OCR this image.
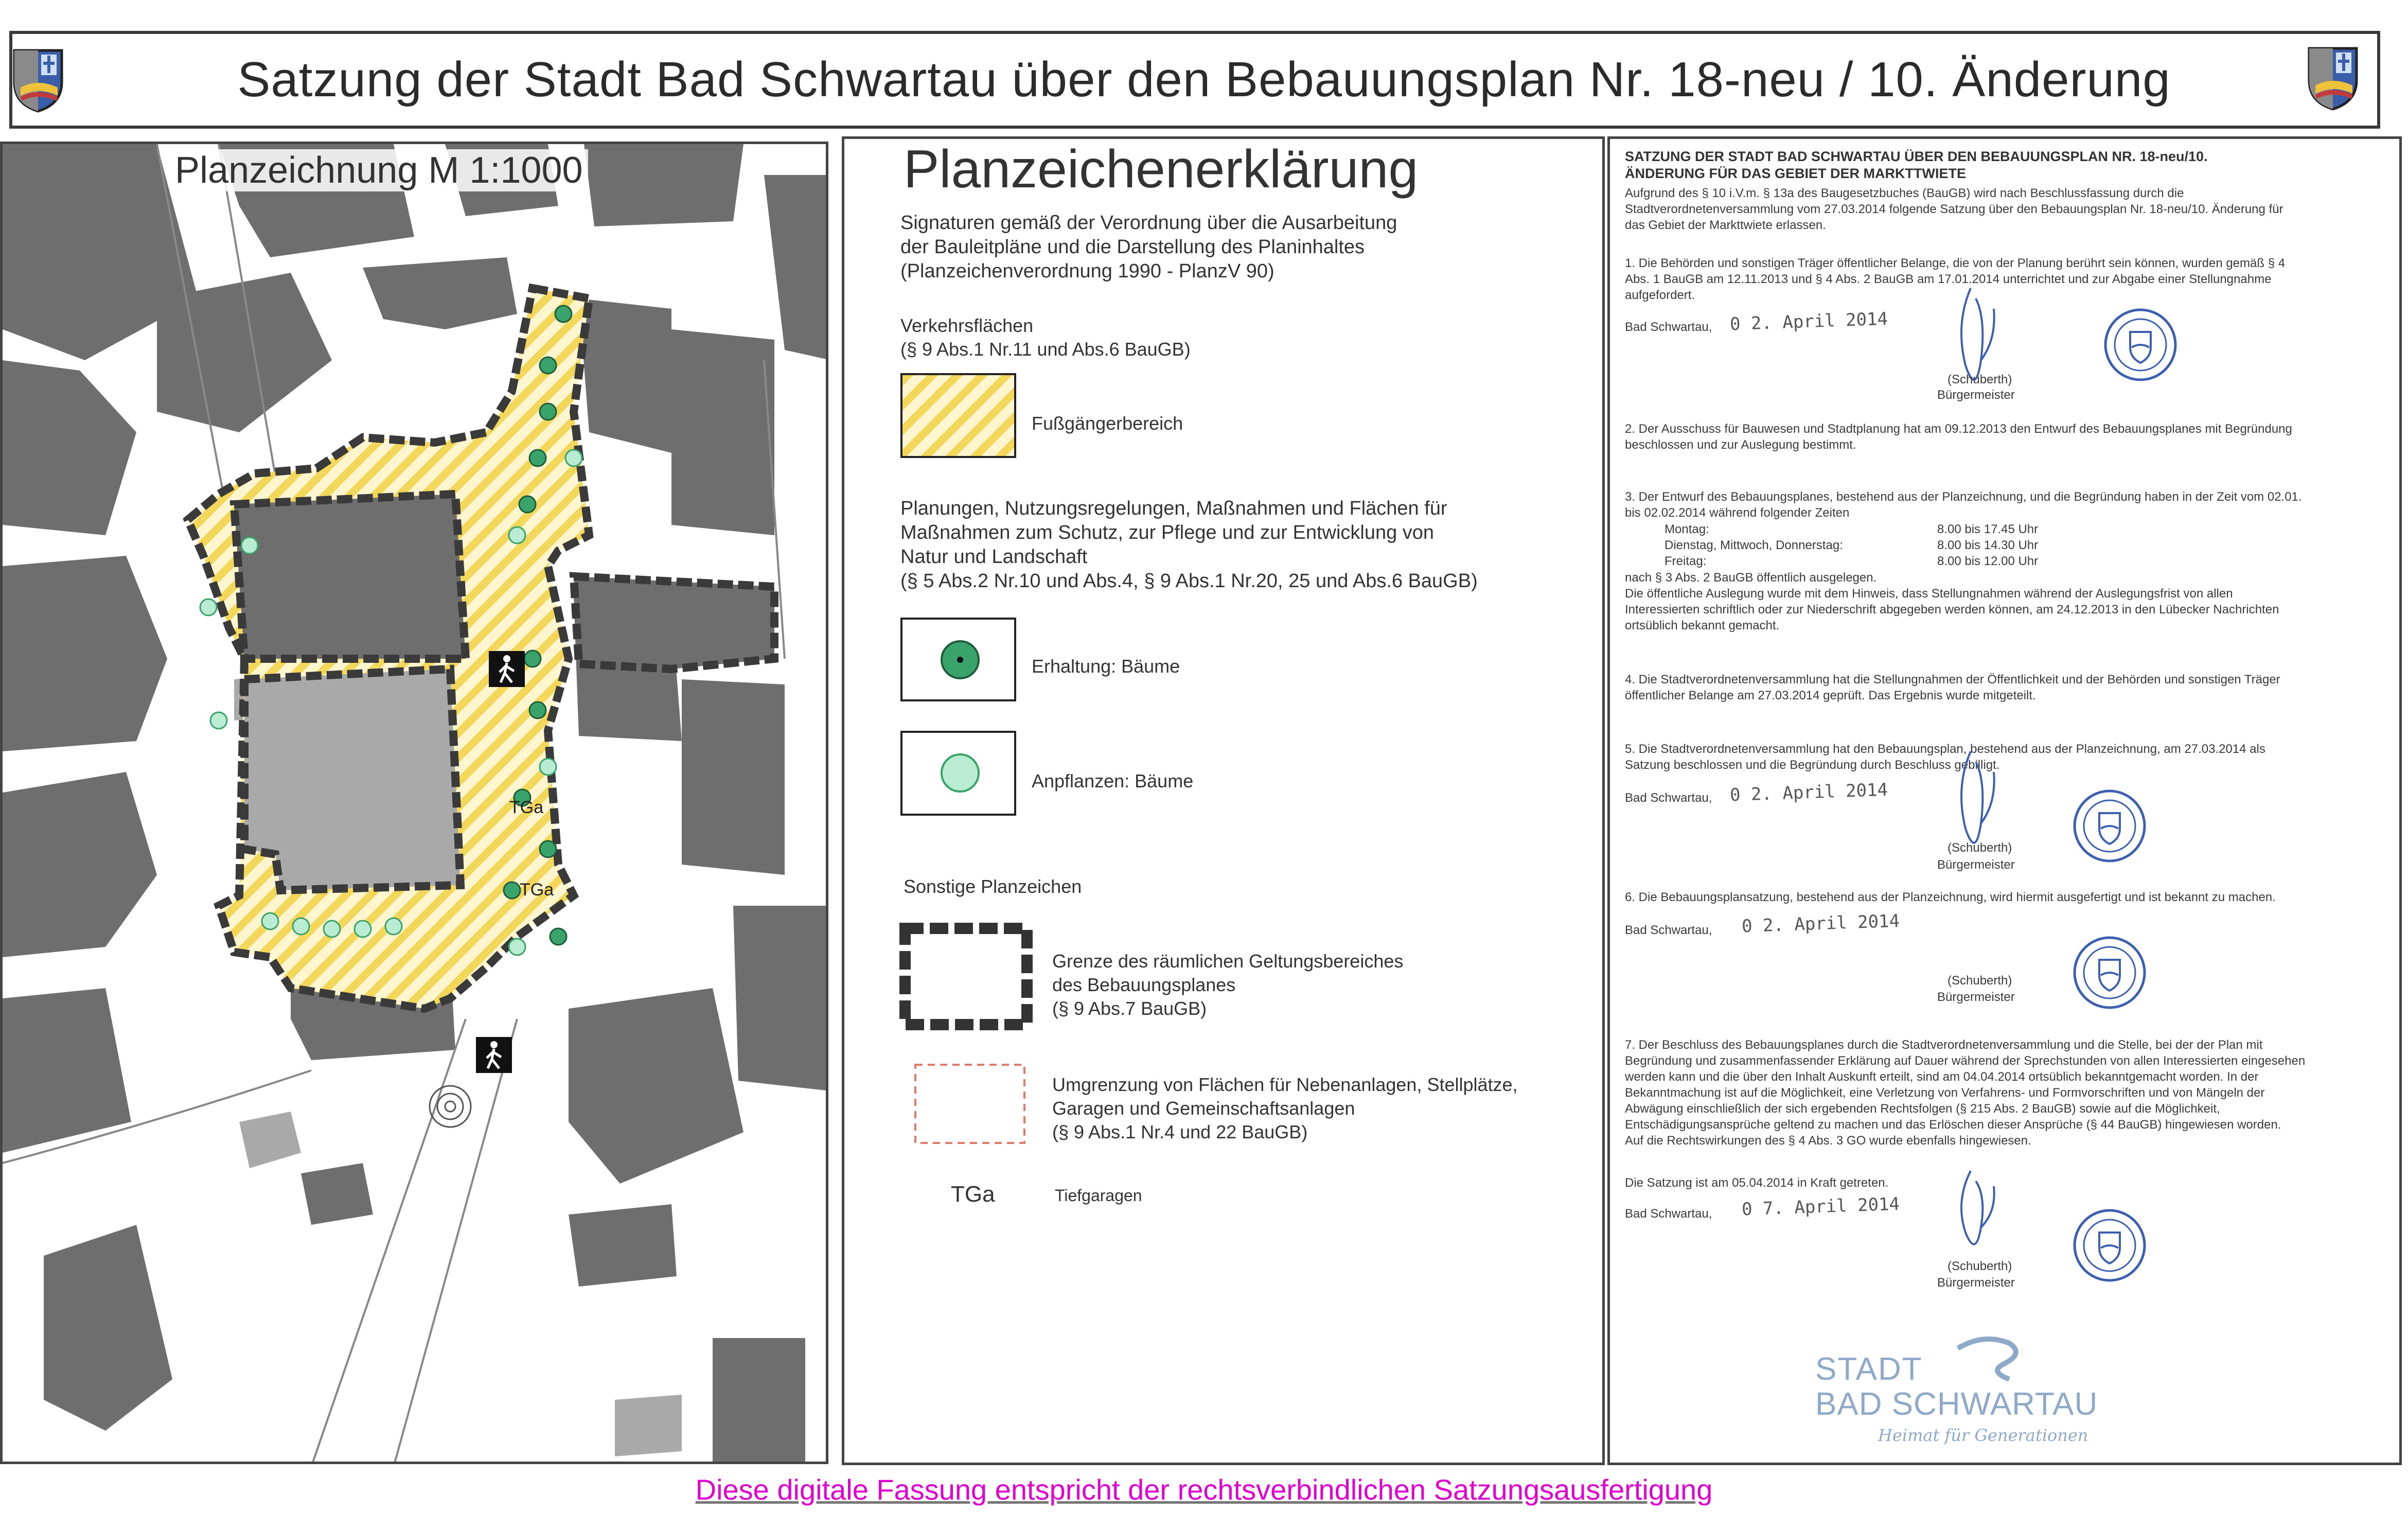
Satzung der Stadt Bad Schwartau über den Bebauungsplan Nr. 18-neu / 10. Änderung
TGa
TGa
Planzeichnung M 1:1000	Planzeichenerklärung
Signaturen gemäß der Verordnung über die Ausarbeitung
der Bauleitpläne und die Darstellung des Planinhaltes
(Planzeichenverordnung 1990 - PlanzV 90)
Verkehrsflächen
(§ 9 Abs.1 Nr.11 und Abs.6 BauGB)
Fußgängerbereich
Planungen, Nutzungsregelungen, Maßnahmen und Flächen für
Maßnahmen zum Schutz, zur Pflege und zur Entwicklung von
Natur und Landschaft
(§ 5 Abs.2 Nr.10 und Abs.4, § 9 Abs.1 Nr.20, 25 und Abs.6 BauGB)
Erhaltung: Bäume
Anpflanzen: Bäume
Sonstige Planzeichen
Grenze des räumlichen Geltungsbereiches
des Bebauungsplanes
(§ 9 Abs.7 BauGB)
Umgrenzung von Flächen für Nebenanlagen, Stellplätze,
Garagen und Gemeinschaftsanlagen
(§ 9 Abs.1 Nr.4 und 22 BauGB)
TGa	Tiefgaragen
SATZUNG DER STADT BAD SCHWARTAU ÜBER DEN BEBAUUNGSPLAN NR. 18-neu/10.
ÄNDERUNG FÜR DAS GEBIET DER MARKTTWIETE
Aufgrund des § 10 i.V.m. § 13a des Baugesetzbuches (BauGB) wird nach Beschlussfassung durch die
Stadtverordnetenversammlung vom 27.03.2014 folgende Satzung über den Bebauungsplan Nr. 18-neu/10. Änderung für
das Gebiet der Markttwiete erlassen.
1. Die Behörden und sonstigen Träger öffentlicher Belange, die von der Planung berührt sein können, wurden gemäß § 4
Abs. 1 BauGB am 12.11.2013 und § 4 Abs. 2 BauGB am 17.01.2014 unterrichtet und zur Abgabe einer Stellungnahme
aufgefordert.
Bad Schwartau, 0 2. April 2014
(Schuberth)
Bürgermeister
2. Der Ausschuss für Bauwesen und Stadtplanung hat am 09.12.2013 den Entwurf des Bebauungsplanes mit Begründung
beschlossen und zur Auslegung bestimmt.
3. Der Entwurf des Bebauungsplanes, bestehend aus der Planzeichnung, und die Begründung haben in der Zeit vom 02.01.
bis 02.02.2014 während folgender Zeiten
Montag:
Dienstag, Mittwoch, Donnerstag:
Freitag:
8.00 bis 17.45 Uhr
8.00 bis 14.30 Uhr
8.00 bis 12.00 Uhr
nach § 3 Abs. 2 BauGB öffentlich ausgelegen.
Die öffentliche Auslegung wurde mit dem Hinweis, dass Stellungnahmen während der Auslegungsfrist von allen
Interessierten schriftlich oder zur Niederschrift abgegeben werden können, am 24.12.2013 in den Lübecker Nachrichten
ortsüblich bekannt gemacht.
4. Die Stadtverordnetenversammlung hat die Stellungnahmen der Öffentlichkeit und der Behörden und sonstigen Träger
öffentlicher Belange am 27.03.2014 geprüft. Das Ergebnis wurde mitgeteilt.
5. Die Stadtverordnetenversammlung hat den Bebauungsplan, bestehend aus der Planzeichnung, am 27.03.2014 als
Satzung beschlossen und die Begründung durch Beschluss gebilligt.
Bad Schwartau, 0 2. April 2014
(Schuberth)
Bürgermeister
6. Die Bebauungsplansatzung, bestehend aus der Planzeichnung, wird hiermit ausgefertigt und ist bekannt zu machen.
Bad Schwartau, 0 2. April 2014
(Schuberth)
Bürgermeister
7. Der Beschluss des Bebauungsplanes durch die Stadtverordnetenversammlung und die Stelle, bei der der Plan mit
Begründung und zusammenfassender Erklärung auf Dauer während der Sprechstunden von allen Interessierten eingesehen
werden kann und die über den Inhalt Auskunft erteilt, sind am 04.04.2014 ortsüblich bekanntgemacht worden. In der
Bekanntmachung ist auf die Möglichkeit, eine Verletzung von Verfahrens- und Formvorschriften und von Mängeln der
Abwägung einschließlich der sich ergebenden Rechtsfolgen (§ 215 Abs. 2 BauGB) sowie auf die Möglichkeit,
Entschädigungsansprüche geltend zu machen und das Erlöschen dieser Ansprüche (§ 44 BauGB) hingewiesen worden.
Auf die Rechtswirkungen des § 4 Abs. 3 GO wurde ebenfalls hingewiesen.
Die Satzung ist am 05.04.2014 in Kraft getreten.
Bad Schwartau, 0 7. April 2014
(Schuberth)
Bürgermeister
STADT
BAD SCHWARTAU
Heimat für Generationen
Diese digitale Fassung entspricht der rechtsverbindlichen Satzungsausfertigung
